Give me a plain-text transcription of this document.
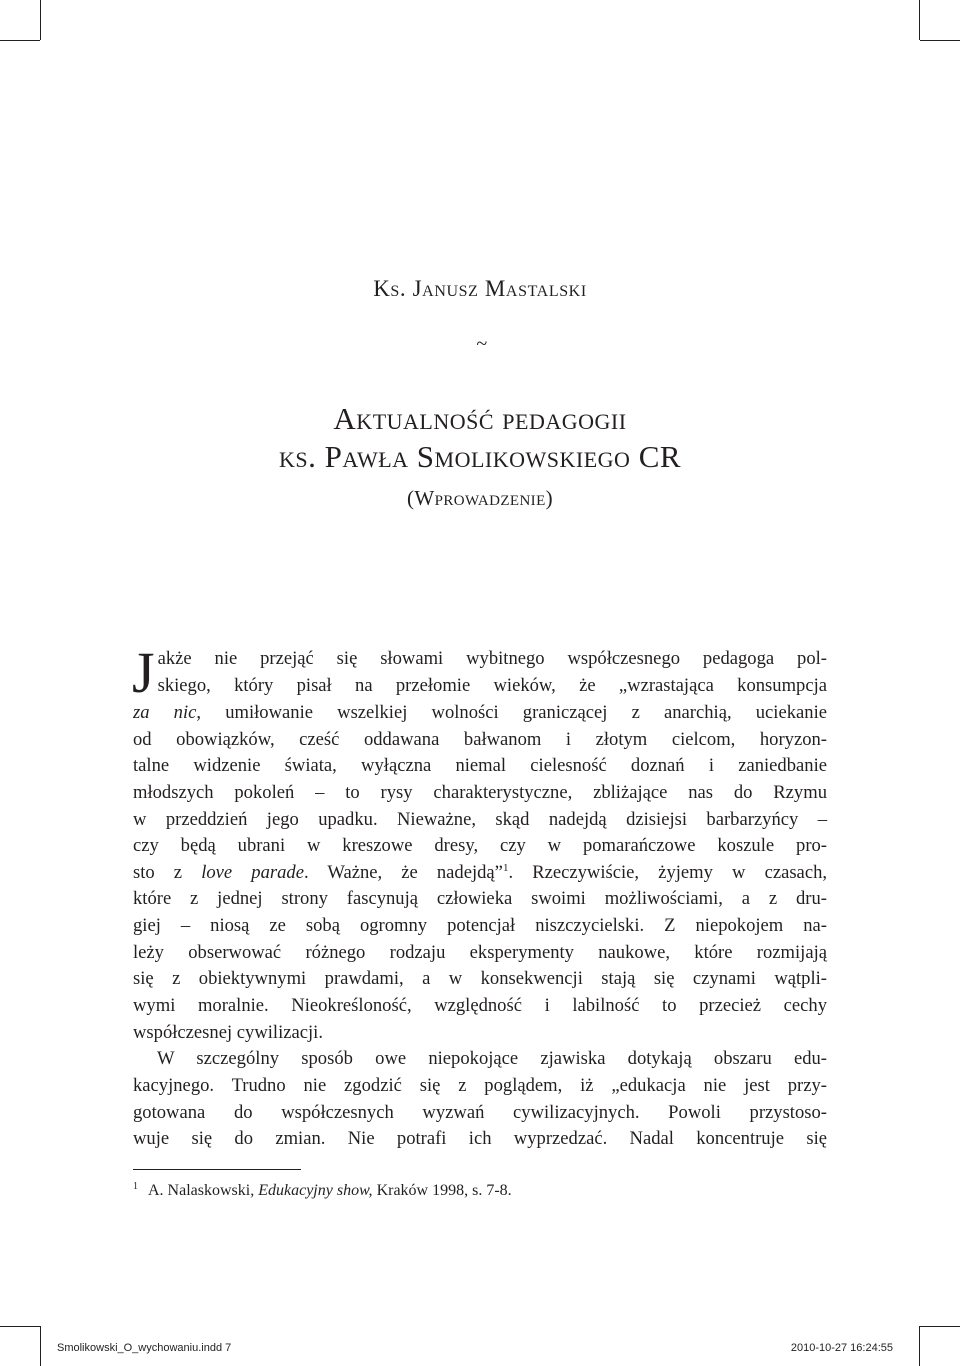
Ks. Janusz Mastalski
~
Aktualność pedagogii
ks. Pawła Smolikowskiego CR
(Wprowadzenie)
J akże nie przejąć się słowami wybitnego współczesnego pedagoga pol-
skiego, który pisał na przełomie wieków, że „wzrastająca konsumpcja
za nic, umiłowanie wszelkiej wolności graniczącej z anarchią, uciekanie
od obowiązków, cześć oddawana bałwanom i złotym cielcom, horyzon-
talne widzenie świata, wyłączna niemal cielesność doznań i zaniedbanie
młodszych pokoleń – to rysy charakterystyczne, zbliżające nas do Rzymu
w przeddzień jego upadku. Nieważne, skąd nadejdą dzisiejsi barbarzyńcy –
czy będą ubrani w kreszowe dresy, czy w pomarańczowe koszule pro-
sto z love parade. Ważne, że nadejdą”$^1$. Rzeczywiście, żyjemy w czasach,
które z jednej strony fascynują człowieka swoimi możliwościami, a z dru-
giej – niosą ze sobą ogromny potencjał niszczycielski. Z niepokojem na-
leży obserwować różnego rodzaju eksperymenty naukowe, które rozmijają
się z obiektywnymi prawdami, a w konsekwencji stają się czynami wątpli-
wymi moralnie. Nieokreśloność, względność i labilność to przecież cechy
współczesnej cywilizacji.
W szczególny sposób owe niepokojące zjawiska dotykają obszaru edu-
kacyjnego. Trudno nie zgodzić się z poglądem, iż „edukacja nie jest przy-
gotowana do współczesnych wyzwań cywilizacyjnych. Powoli przystoso-
wuje się do zmian. Nie potrafi ich wyprzedzać. Nadal koncentruje się
$^1$ A. Nalaskowski, Edukacyjny show, Kraków 1998, s. 7-8.
Smolikowski_O_wychowaniu.indd 7	2010-10-27 16:24:55
